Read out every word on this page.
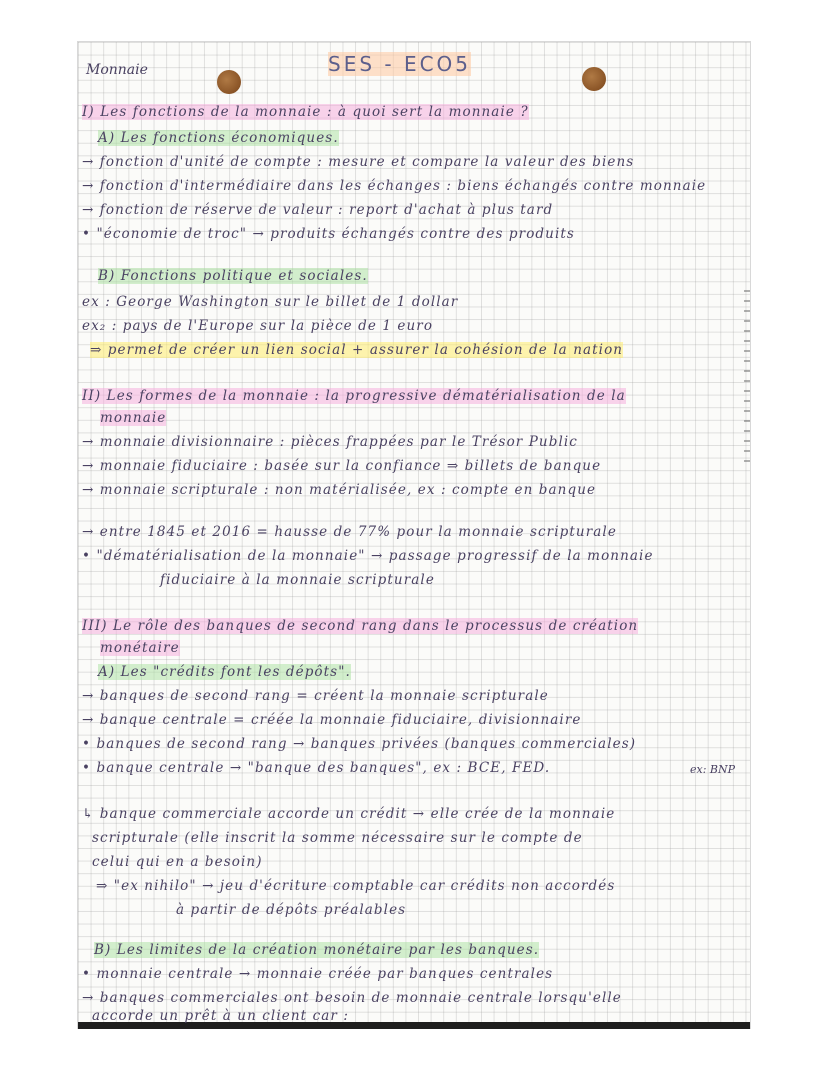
Monnaie	SES - ECO5
I) Les fonctions de la monnaie : à quoi sert la monnaie ?
A) Les fonctions économiques.
→ fonction d'unité de compte : mesure et compare la valeur des biens
→ fonction d'intermédiaire dans les échanges : biens échangés contre monnaie
→ fonction de réserve de valeur : report d'achat à plus tard
• "économie de troc" → produits échangés contre des produits
B) Fonctions politique et sociales.
ex : George Washington sur le billet de 1 dollar
ex₂ : pays de l'Europe sur la pièce de 1 euro
⇒ permet de créer un lien social + assurer la cohésion de la nation
II) Les formes de la monnaie : la progressive dématérialisation de la
monnaie
→ monnaie divisionnaire : pièces frappées par le Trésor Public
→ monnaie fiduciaire : basée sur la confiance ⇒ billets de banque
→ monnaie scripturale : non matérialisée, ex : compte en banque
→ entre 1845 et 2016 = hausse de 77% pour la monnaie scripturale
• "dématérialisation de la monnaie" → passage progressif de la monnaie
fiduciaire à la monnaie scripturale
III) Le rôle des banques de second rang dans le processus de création
monétaire
A) Les "crédits font les dépôts".
→ banques de second rang = créent la monnaie scripturale
→ banque centrale = créée la monnaie fiduciaire, divisionnaire
• banques de second rang → banques privées (banques commerciales)
• banque centrale → "banque des banques", ex : BCE, FED.	ex: BNP
↳ banque commerciale accorde un crédit → elle crée de la monnaie
scripturale (elle inscrit la somme nécessaire sur le compte de
celui qui en a besoin)
⇒ "ex nihilo" → jeu d'écriture comptable car crédits non accordés
à partir de dépôts préalables
B) Les limites de la création monétaire par les banques.
• monnaie centrale → monnaie créée par banques centrales
→ banques commerciales ont besoin de monnaie centrale lorsqu'elle
accorde un prêt à un client car :
